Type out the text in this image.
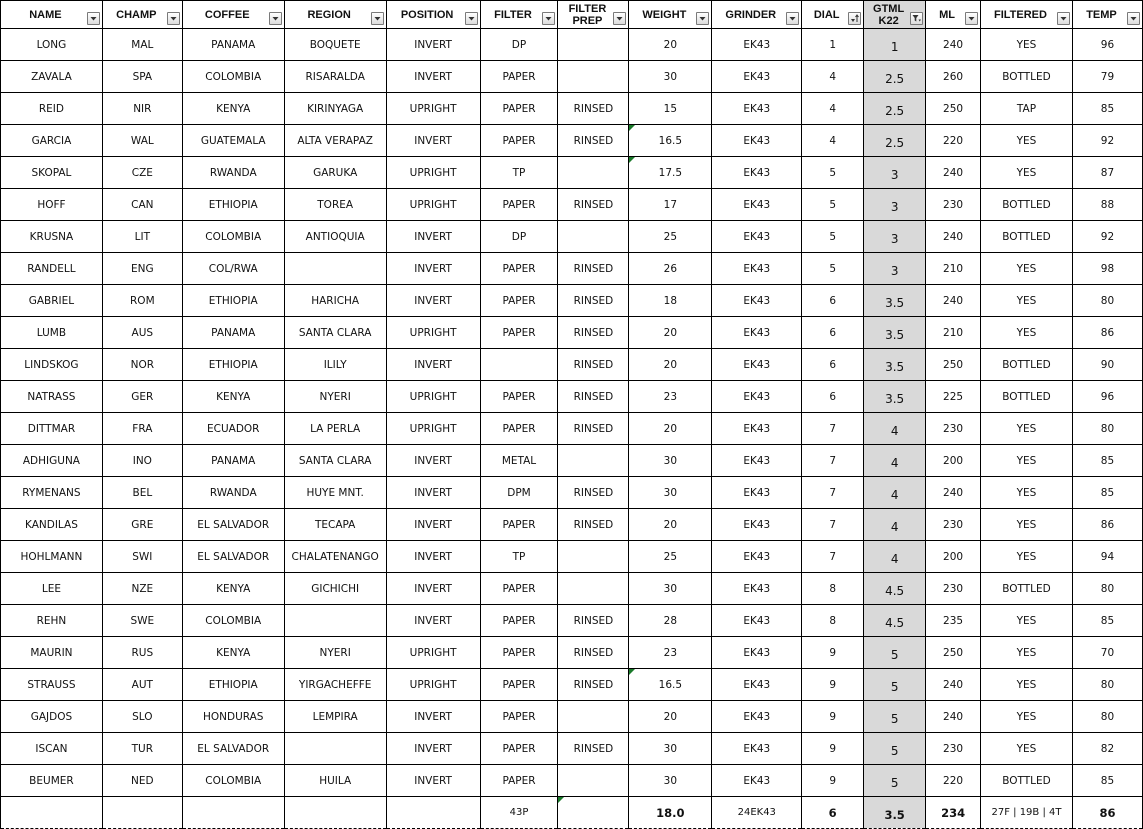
NAME	CHAMP	COFFEE	REGION	POSITION	FILTER	FILTER PREP	WEIGHT	GRINDER	DIAL	GTML K22	ML	FILTERED	TEMP

LONG	MAL	PANAMA	BOQUETE	INVERT	DP		20	EK43	1	1	240	YES	96
ZAVALA	SPA	COLOMBIA	RISARALDA	INVERT	PAPER		30	EK43	4	2.5	260	BOTTLED	79
REID	NIR	KENYA	KIRINYAGA	UPRIGHT	PAPER	RINSED	15	EK43	4	2.5	250	TAP	85
GARCIA	WAL	GUATEMALA	ALTA VERAPAZ	INVERT	PAPER	RINSED	16.5	EK43	4	2.5	220	YES	92
SKOPAL	CZE	RWANDA	GARUKA	UPRIGHT	TP		17.5	EK43	5	3	240	YES	87
HOFF	CAN	ETHIOPIA	TOREA	UPRIGHT	PAPER	RINSED	17	EK43	5	3	230	BOTTLED	88
KRUSNA	LIT	COLOMBIA	ANTIOQUIA	INVERT	DP		25	EK43	5	3	240	BOTTLED	92
RANDELL	ENG	COL/RWA		INVERT	PAPER	RINSED	26	EK43	5	3	210	YES	98
GABRIEL	ROM	ETHIOPIA	HARICHA	INVERT	PAPER	RINSED	18	EK43	6	3.5	240	YES	80
LUMB	AUS	PANAMA	SANTA CLARA	UPRIGHT	PAPER	RINSED	20	EK43	6	3.5	210	YES	86
LINDSKOG	NOR	ETHIOPIA	ILILY	INVERT		RINSED	20	EK43	6	3.5	250	BOTTLED	90
NATRASS	GER	KENYA	NYERI	UPRIGHT	PAPER	RINSED	23	EK43	6	3.5	225	BOTTLED	96
DITTMAR	FRA	ECUADOR	LA PERLA	UPRIGHT	PAPER	RINSED	20	EK43	7	4	230	YES	80
ADHIGUNA	INO	PANAMA	SANTA CLARA	INVERT	METAL		30	EK43	7	4	200	YES	85
RYMENANS	BEL	RWANDA	HUYE MNT.	INVERT	DPM	RINSED	30	EK43	7	4	240	YES	85
KANDILAS	GRE	EL SALVADOR	TECAPA	INVERT	PAPER	RINSED	20	EK43	7	4	230	YES	86
HOHLMANN	SWI	EL SALVADOR	CHALATENANGO	INVERT	TP		25	EK43	7	4	200	YES	94
LEE	NZE	KENYA	GICHICHI	INVERT	PAPER		30	EK43	8	4.5	230	BOTTLED	80
REHN	SWE	COLOMBIA		INVERT	PAPER	RINSED	28	EK43	8	4.5	235	YES	85
MAURIN	RUS	KENYA	NYERI	UPRIGHT	PAPER	RINSED	23	EK43	9	5	250	YES	70
STRAUSS	AUT	ETHIOPIA	YIRGACHEFFE	UPRIGHT	PAPER	RINSED	16.5	EK43	9	5	240	YES	80
GAJDOS	SLO	HONDURAS	LEMPIRA	INVERT	PAPER		20	EK43	9	5	240	YES	80
ISCAN	TUR	EL SALVADOR		INVERT	PAPER	RINSED	30	EK43	9	5	230	YES	82
BEUMER	NED	COLOMBIA	HUILA	INVERT	PAPER		30	EK43	9	5	220	BOTTLED	85
					43P		18.0	24EK43	6	3.5	234	27F | 19B | 4T	86
